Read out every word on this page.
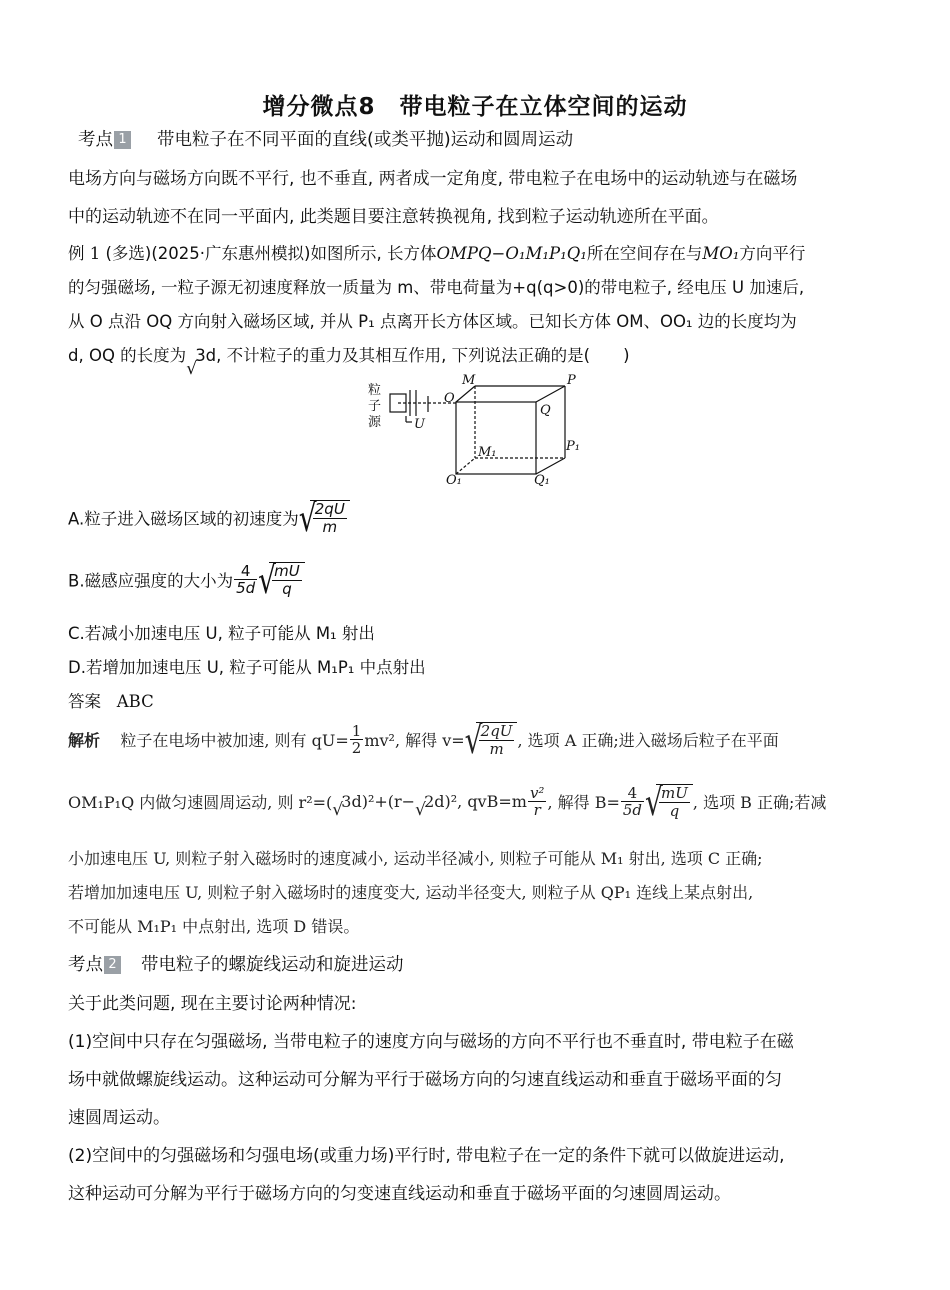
增分微点8　带电粒子在立体空间的运动
考点 1 带电粒子在不同平面的直线(或类平抛)运动和圆周运动
电场方向与磁场方向既不平行, 也不垂直, 两者成一定角度, 带电粒子在电场中的运动轨迹与在磁场
中的运动轨迹不在同一平面内, 此类题目要注意转换视角, 找到粒子运动轨迹所在平面。
例 1 (多选)(2025·广东惠州模拟)如图所示, 长方体OMPQ−O₁M₁P₁Q₁所在空间存在与MO₁方向平行
的匀强磁场, 一粒子源无初速度释放一质量为 m、带电荷量为+q(q>0)的带电粒子, 经电压 U 加速后,
从 O 点沿 OQ 方向射入磁场区域, 并从 P₁ 点离开长方体区域。已知长方体 OM、OO₁ 边的长度均为
d, OQ 的长度为
√
3d, 不计粒子的重力及其相互作用, 下列说法正确的是(　　)
粒
子
源	U
O
M	P
Q
M₁	P₁
O₁	Q₁
A.粒子进入磁场区域的初速度为 √
$\frac{2qU}{m}$
B.磁感应强度的大小为 $\frac{4}{5d}$ √
$\frac{mU}{q}$
C.若减小加速电压 U, 粒子可能从 M₁ 射出
D.若增加加速电压 U, 粒子可能从 M₁P₁ 中点射出
答案 ABC
解析 粒子在电场中被加速, 则有 $qU= \frac{1}{2} mv^2$, 解得 v= √
$\frac{2qU}{m}$ , 选项 A 正确;进入磁场后粒子在平面
OM₁P₁Q 内做匀速圆周运动, 则 r²=( √
3d)²+(r− √
2d)², $qvB=m \frac{\text{v²}}{r}$ , 解得 $B= \frac{4}{5d}$ √
$\frac{mU}{q}$ , 选项 B 正确;若减
小加速电压 U, 则粒子射入磁场时的速度减小, 运动半径减小, 则粒子可能从 M₁ 射出, 选项 C 正确;
若增加加速电压 U, 则粒子射入磁场时的速度变大, 运动半径变大, 则粒子从 QP₁ 连线上某点射出,
不可能从 M₁P₁ 中点射出, 选项 D 错误。
考点 2 带电粒子的螺旋线运动和旋进运动
关于此类问题, 现在主要讨论两种情况:
(1)空间中只存在匀强磁场, 当带电粒子的速度方向与磁场的方向不平行也不垂直时, 带电粒子在磁
场中就做螺旋线运动。这种运动可分解为平行于磁场方向的匀速直线运动和垂直于磁场平面的匀
速圆周运动。
(2)空间中的匀强磁场和匀强电场(或重力场)平行时, 带电粒子在一定的条件下就可以做旋进运动,
这种运动可分解为平行于磁场方向的匀变速直线运动和垂直于磁场平面的匀速圆周运动。
